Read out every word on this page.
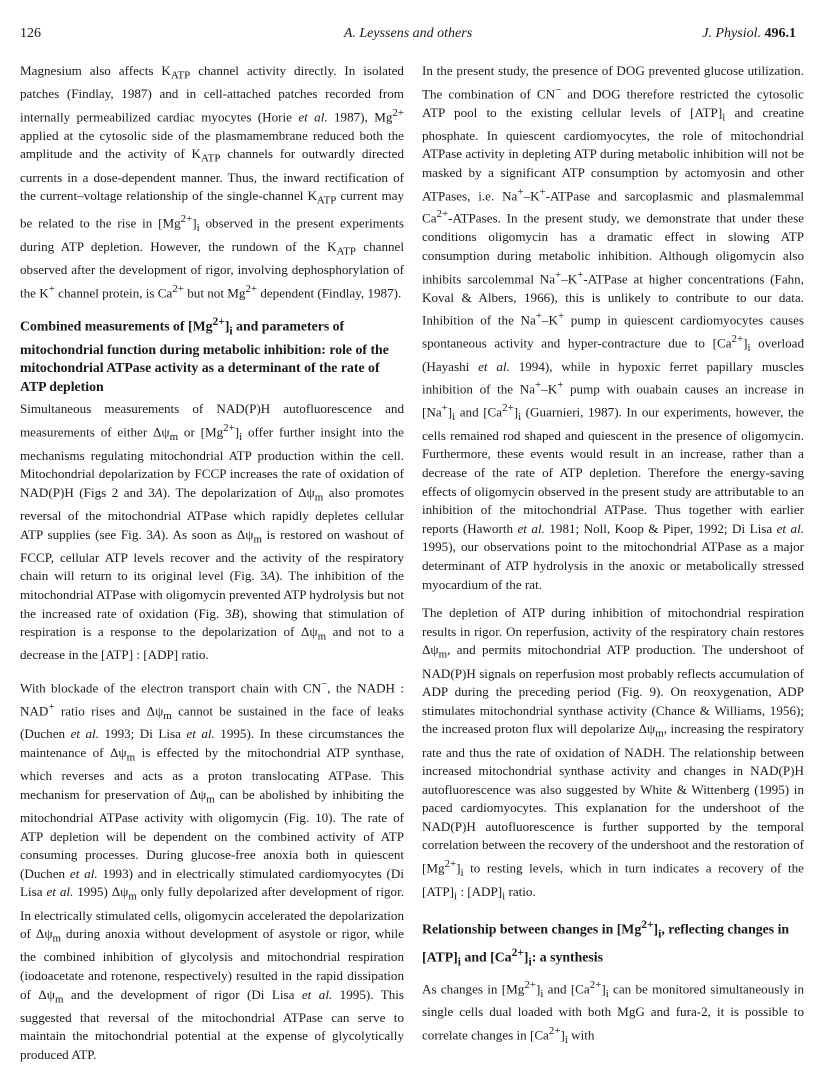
126	A. Leyssens and others	J. Physiol. 496.1

Magnesium also affects $K_{ATP}$ channel activity directly. In isolated patches (Findlay, 1987) and in cell-attached patches recorded from internally permeabilized cardiac myocytes (Horie et al. 1987), $Mg^{2+}$ applied at the cytosolic side of the plasmamembrane reduced both the amplitude and the activity of $K_{ATP}$ channels for outwardly directed currents in a dose-dependent manner. Thus, the inward rectification of the current–voltage relationship of the single-channel $K_{ATP}$ current may be related to the rise in $[Mg^{2+}]_i$ observed in the present experiments during ATP depletion. However, the rundown of the $K_{ATP}$ channel observed after the development of rigor, involving dephosphorylation of the K+ channel protein, is $Ca^{2+}$ but not $Mg^{2+}$ dependent (Findlay, 1987).

Combined measurements of $[Mg^{2+}]_i$ and parameters of mitochondrial function during metabolic inhibition: role of the mitochondrial ATPase activity as a determinant of the rate of ATP depletion

Simultaneous measurements of NAD(P)H autofluorescence and measurements of either $\Delta\psi_m$ or $[Mg^{2+}]_i$ offer further insight into the mechanisms regulating mitochondrial ATP production within the cell. Mitochondrial depolarization by FCCP increases the rate of oxidation of NAD(P)H (Figs 2 and 3A). The depolarization of $\Delta\psi_m$ also promotes reversal of the mitochondrial ATPase which rapidly depletes cellular ATP supplies (see Fig. 3A). As soon as $\Delta\psi_m$ is restored on washout of FCCP, cellular ATP levels recover and the activity of the respiratory chain will return to its original level (Fig. 3A). The inhibition of the mitochondrial ATPase with oligomycin prevented ATP hydrolysis but not the increased rate of oxidation (Fig. 3B), showing that stimulation of respiration is a response to the depolarization of $\Delta\psi_m$ and not to a decrease in the [ATP] : [ADP] ratio.

With blockade of the electron transport chain with CN−, the NADH : NAD+ ratio rises and $\Delta\psi_m$ cannot be sustained in the face of leaks (Duchen et al. 1993; Di Lisa et al. 1995). In these circumstances the maintenance of $\Delta\psi_m$ is effected by the mitochondrial ATP synthase, which reverses and acts as a proton translocating ATPase. This mechanism for preservation of $\Delta\psi_m$ can be abolished by inhibiting the mitochondrial ATPase activity with oligomycin (Fig. 10). The rate of ATP depletion will be dependent on the combined activity of ATP consuming processes. During glucose-free anoxia both in quiescent (Duchen et al. 1993) and in electrically stimulated cardiomyocytes (Di Lisa et al. 1995) $\Delta\psi_m$ only fully depolarized after development of rigor. In electrically stimulated cells, oligomycin accelerated the depolarization of $\Delta\psi_m$ during anoxia without development of asystole or rigor, while the combined inhibition of glycolysis and mitochondrial respiration (iodoacetate and rotenone, respectively) resulted in the rapid dissipation of $\Delta\psi_m$ and the development of rigor (Di Lisa et al. 1995). This suggested that reversal of the mitochondrial ATPase can serve to maintain the mitochondrial potential at the expense of glycolytically produced ATP.

In the present study, the presence of DOG prevented glucose utilization. The combination of CN− and DOG therefore restricted the cytosolic ATP pool to the existing cellular levels of $[ATP]_i$ and creatine phosphate. In quiescent cardiomyocytes, the role of mitochondrial ATPase activity in depleting ATP during metabolic inhibition will not be masked by a significant ATP consumption by actomyosin and other ATPases, i.e. Na+–K+-ATPase and sarcoplasmic and plasmalemmal $Ca^{2+}$-ATPases. In the present study, we demonstrate that under these conditions oligomycin has a dramatic effect in slowing ATP consumption during metabolic inhibition. Although oligomycin also inhibits sarcolemmal Na+–K+-ATPase at higher concentrations (Fahn, Koval & Albers, 1966), this is unlikely to contribute to our data. Inhibition of the Na+–K+ pump in quiescent cardiomyocytes causes spontaneous activity and hyper-contracture due to $[Ca^{2+}]_i$ overload (Hayashi et al. 1994), while in hypoxic ferret papillary muscles inhibition of the Na+–K+ pump with ouabain causes an increase in $[Na^+]_i$ and $[Ca^{2+}]_i$ (Guarnieri, 1987). In our experiments, however, the cells remained rod shaped and quiescent in the presence of oligomycin. Furthermore, these events would result in an increase, rather than a decrease of the rate of ATP depletion. Therefore the energy-saving effects of oligomycin observed in the present study are attributable to an inhibition of the mitochondrial ATPase. Thus together with earlier reports (Haworth et al. 1981; Noll, Koop & Piper, 1992; Di Lisa et al. 1995), our observations point to the mitochondrial ATPase as a major determinant of ATP hydrolysis in the anoxic or metabolically stressed myocardium of the rat.

The depletion of ATP during inhibition of mitochondrial respiration results in rigor. On reperfusion, activity of the respiratory chain restores $\Delta\psi_m$, and permits mitochondrial ATP production. The undershoot of NAD(P)H signals on reperfusion most probably reflects accumulation of ADP during the preceding period (Fig. 9). On reoxygenation, ADP stimulates mitochondrial synthase activity (Chance & Williams, 1956); the increased proton flux will depolarize $\Delta\psi_m$, increasing the respiratory rate and thus the rate of oxidation of NADH. The relationship between increased mitochondrial synthase activity and changes in NAD(P)H autofluorescence was also suggested by White & Wittenberg (1995) in paced cardiomyocytes. This explanation for the undershoot of the NAD(P)H autofluorescence is further supported by the temporal correlation between the recovery of the undershoot and the restoration of $[Mg^{2+}]_i$ to resting levels, which in turn indicates a recovery of the $[ATP]_i$ : $[ADP]_i$ ratio.

Relationship between changes in $[Mg^{2+}]_i$, reflecting changes in $[ATP]_i$ and $[Ca^{2+}]_i$: a synthesis

As changes in $[Mg^{2+}]_i$ and $[Ca^{2+}]_i$ can be monitored simultaneously in single cells dual loaded with both MgG and fura-2, it is possible to correlate changes in $[Ca^{2+}]_i$ with
